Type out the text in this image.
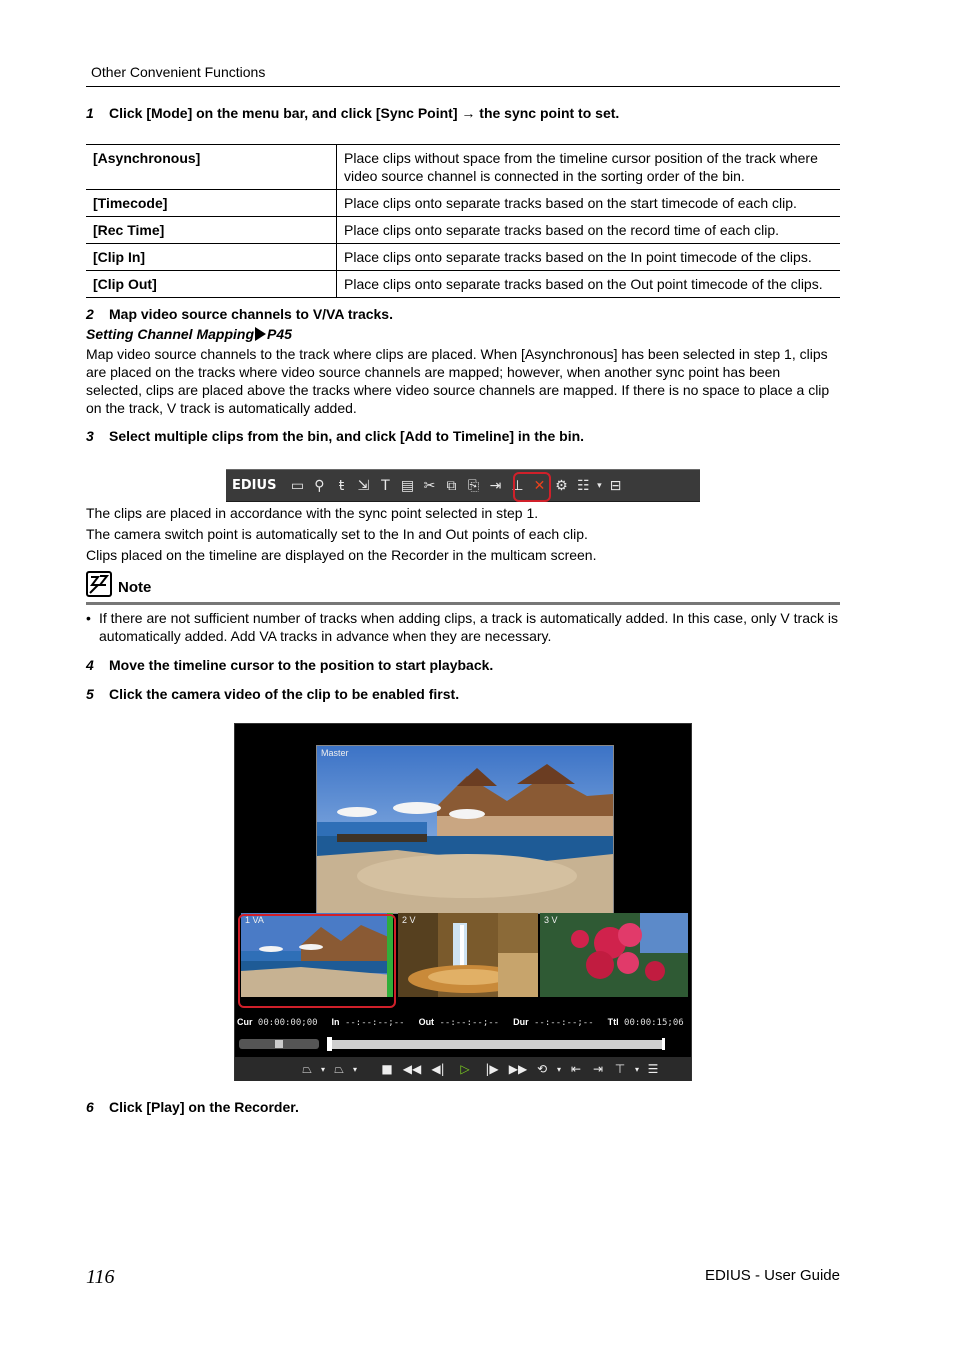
Other Convenient Functions
1 Click [Mode] on the menu bar, and click [Sync Point] → the sync point to set.
[Asynchronous]	Place clips without space from the timeline cursor position of the track where video source channel is connected in the sorting order of the bin.
[Timecode]	Place clips onto separate tracks based on the start timecode of each clip.
[Rec Time]	Place clips onto separate tracks based on the record time of each clip.
[Clip In]	Place clips onto separate tracks based on the In point timecode of the clips.
[Clip Out]	Place clips onto separate tracks based on the Out point timecode of the clips.
2 Map video source channels to V/VA tracks.
Setting Channel Mapping P45
Map video source channels to the track where clips are placed. When [Asynchronous] has been selected in step 1, clips are placed on the tracks where video source channels are mapped; however, when another sync point has been selected, clips are placed above the tracks where video source channels are mapped. If there is no space to place a clip on the track, V track is automatically added.
3 Select multiple clips from the bin, and click [Add to Timeline] in the bin.
EDIUS	▭ ⚲	ŧ ⇲ T ▤ ✂ ⧉ ⎘ ⇥ ⊥ ✕ ⚙ ☷ ▾ ⊟
The clips are placed in accordance with the sync point selected in step 1.
The camera switch point is automatically set to the In and Out points of each clip.
Clips placed on the timeline are displayed on the Recorder in the multicam screen.
Note
• If there are not sufficient number of tracks when adding clips, a track is automatically added. In this case, only V track is automatically added. Add VA tracks in advance when they are necessary.
4 Move the timeline cursor to the position to start playback.
5 Click the camera video of the clip to be enabled first.
Master
1 VA	2 V	3 V
Cur 00:00:00;00 In --:--:--;-- Out --:--:--;-- Dur --:--:--;-- Ttl 00:00:15;06
⏢	▾ ⏢	▾	■ ◀◀ ◀|	▷	|▶ ▶▶ ⟲	▾ ⇤ ⇥ ⊤	▾ ☰
6 Click [Play] on the Recorder.
116	EDIUS - User Guide
